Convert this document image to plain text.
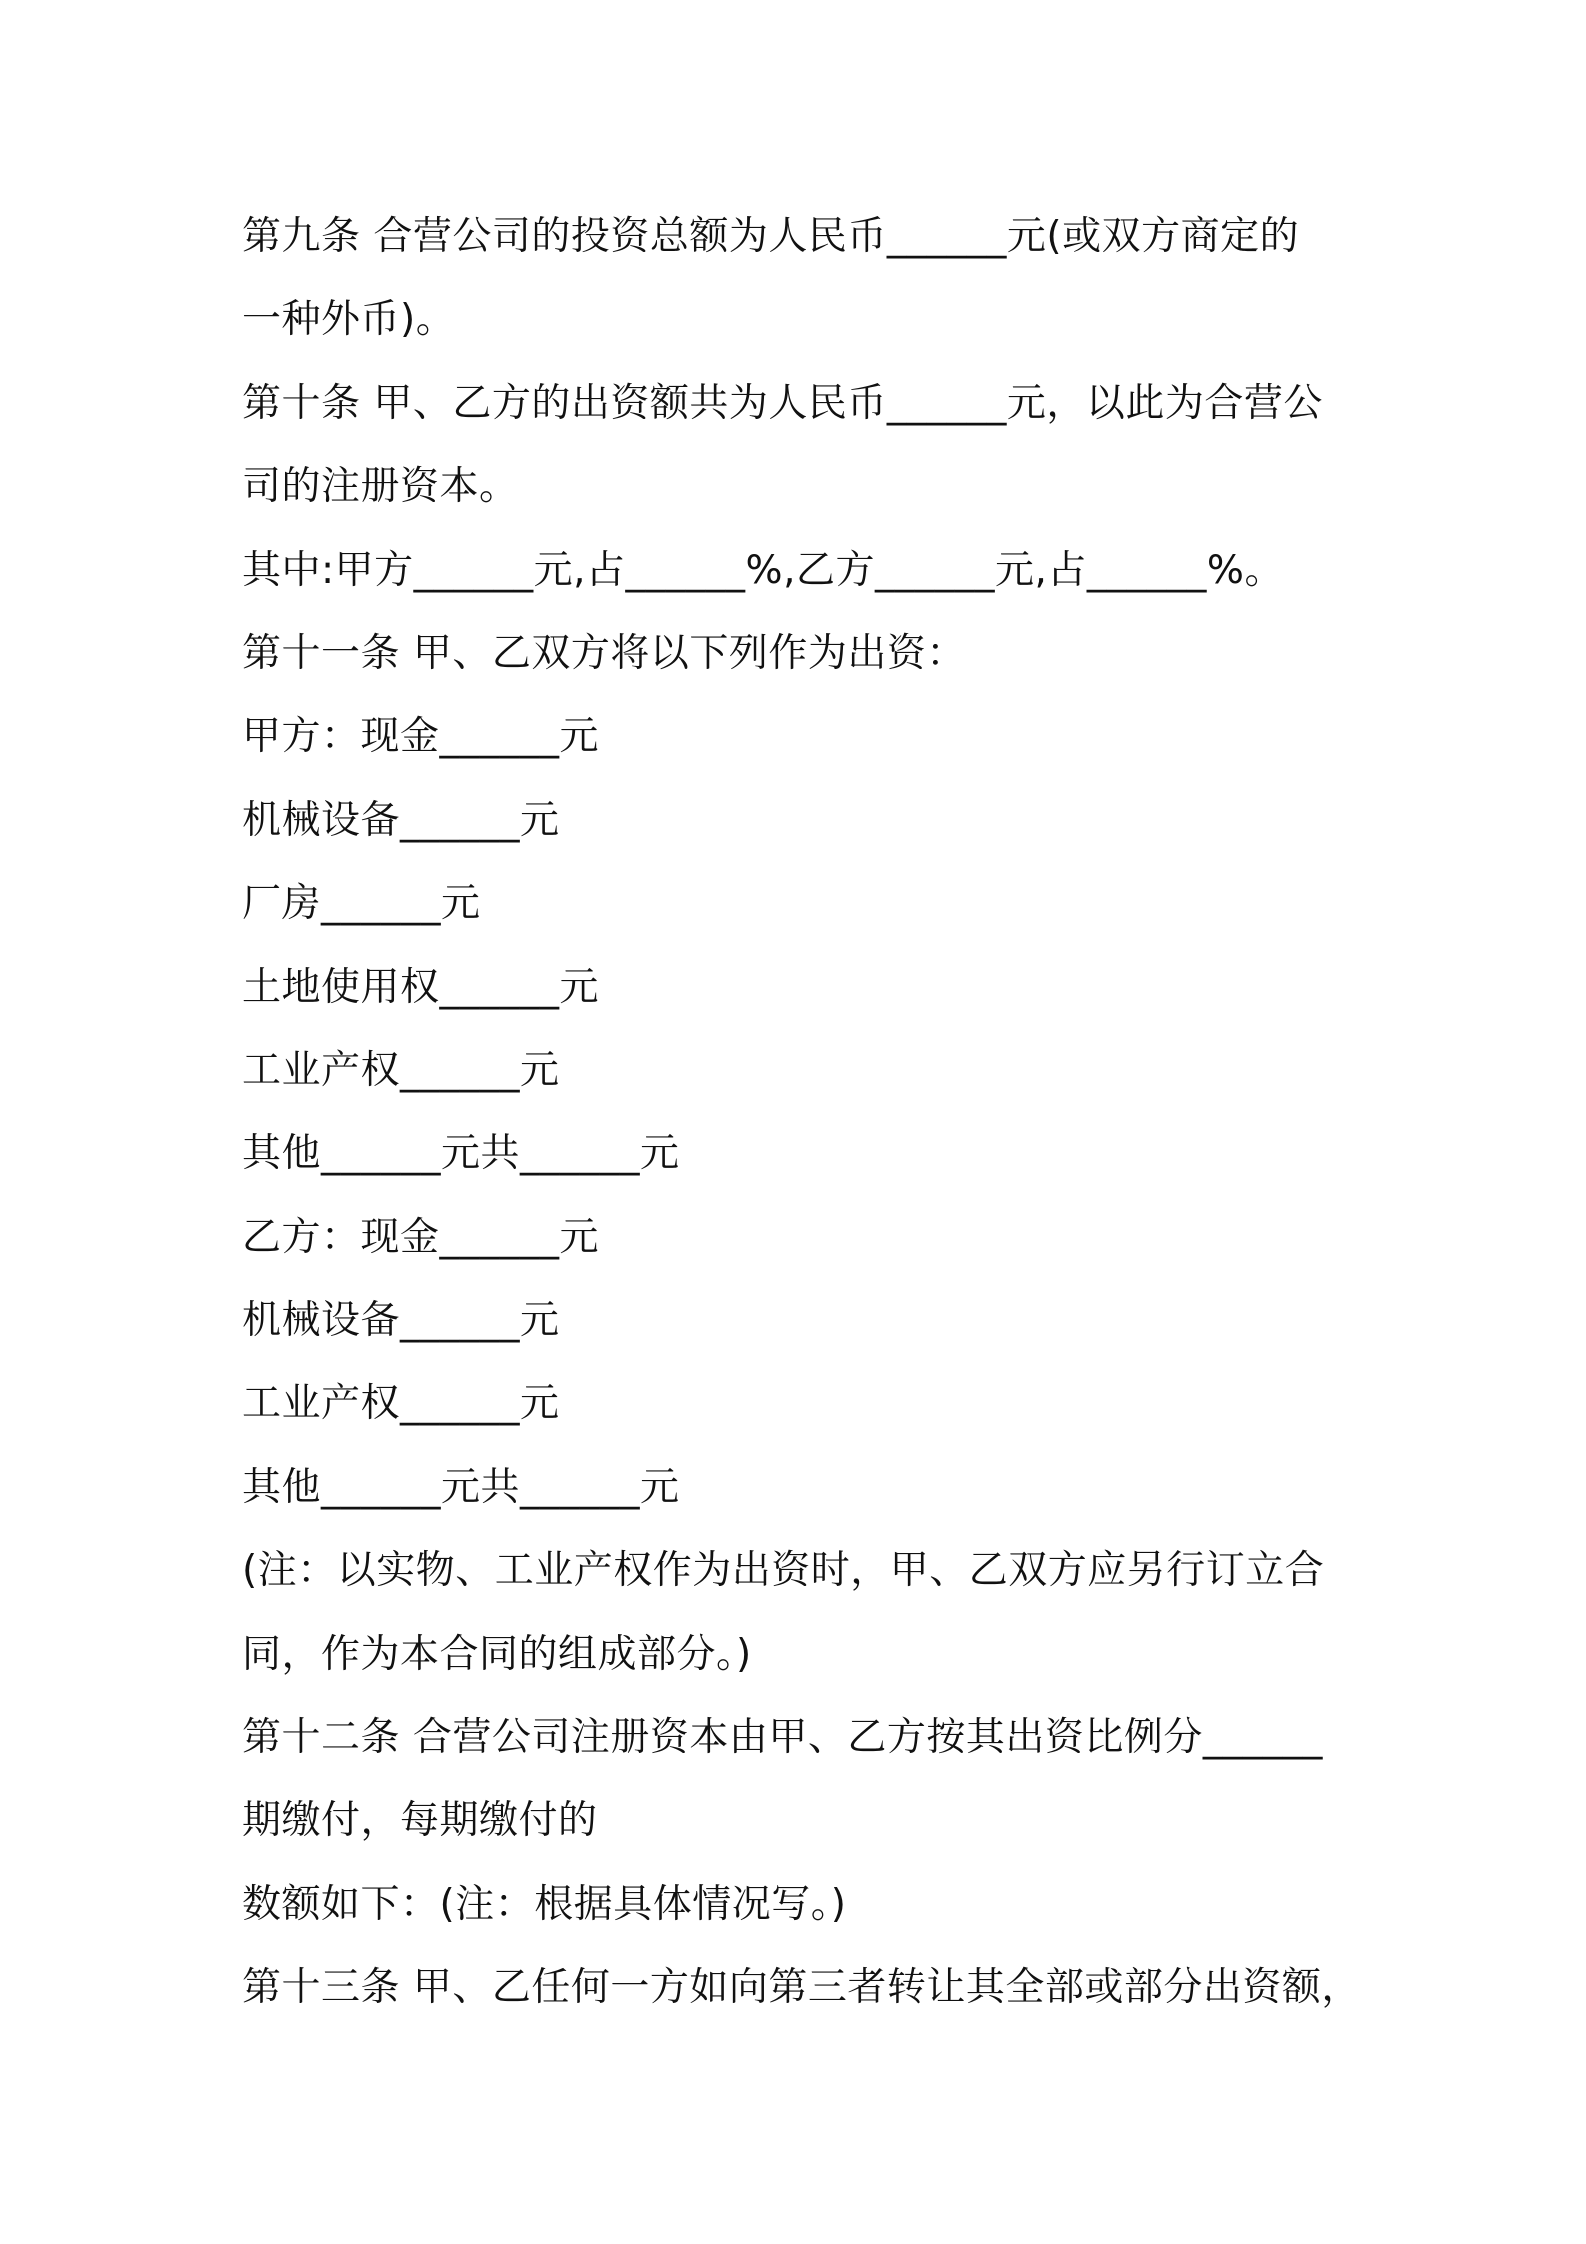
第九条 合营公司的投资总额为人民币______元(或双方商定的
一种外币)。
第十条 甲、乙方的出资额共为人民币______元，以此为合营公
司的注册资本。
其中:甲方______元,占______%,乙方______元,占______%。
第十一条 甲、乙双方将以下列作为出资：
甲方：现金______元
机械设备______元
厂房______元
土地使用权______元
工业产权______元
其他______元共______元
乙方：现金______元
机械设备______元
工业产权______元
其他______元共______元
(注：以实物、工业产权作为出资时，甲、乙双方应另行订立合
同，作为本合同的组成部分。)
第十二条 合营公司注册资本由甲、乙方按其出资比例分______
期缴付，每期缴付的
数额如下：(注：根据具体情况写。)
第十三条 甲、乙任何一方如向第三者转让其全部或部分出资额，
